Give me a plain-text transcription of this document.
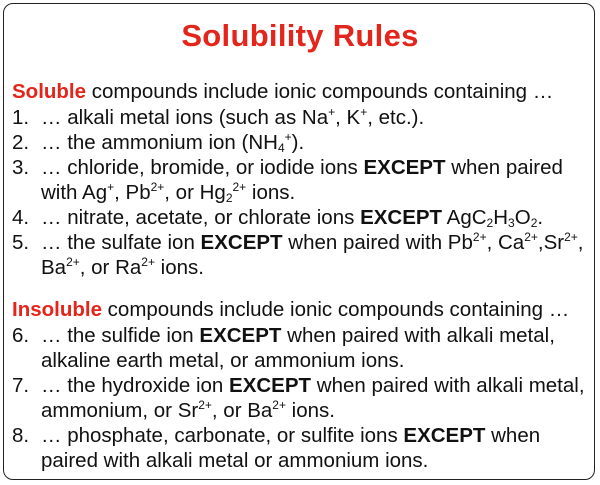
Solubility Rules
Soluble compounds include ionic compounds containing …
1. … alkali metal ions (such as Na+, K+, etc.).
2. … the ammonium ion $(NH_4^+)$.
3. … chloride, bromide, or iodide ions EXCEPT when paired
with Ag+, $Pb^{2+}$, or $Hg_2^{2+}$ ions.
4. … nitrate, acetate, or chlorate ions EXCEPT $AgC_2H_3O_2$.
5. … the sulfate ion EXCEPT when paired with $Pb^{2+}$, $Ca^{2+},Sr^{2+}$,
$Ba^{2+}$, or $Ra^{2+}$ ions.
Insoluble compounds include ionic compounds containing …
6. … the sulfide ion EXCEPT when paired with alkali metal,
alkaline earth metal, or ammonium ions.
7. … the hydroxide ion EXCEPT when paired with alkali metal,
ammonium, or $Sr^{2+}$, or $Ba^{2+}$ ions.
8. … phosphate, carbonate, or sulfite ions EXCEPT when
paired with alkali metal or ammonium ions.
